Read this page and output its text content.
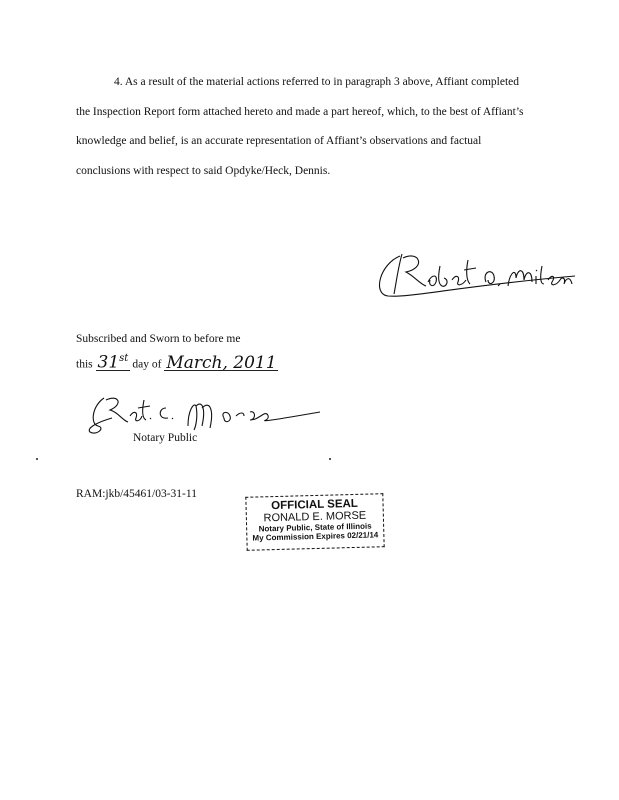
4. As a result of the material actions referred to in paragraph 3 above, Affiant completed
the Inspection Report form attached hereto and made a part hereof, which, to the best of Affiant’s
knowledge and belief, is an accurate representation of Affiant’s observations and factual
conclusions with respect to said Opdyke/Heck, Dennis.

Subscribed and Sworn to before me
this 31st day of March, 2011
Notary Public
RAM:jkb/45461/03-31-11
OFFICIAL SEAL
RONALD E. MORSE
Notary Public, State of Illinois
My Commission Expires 02/21/14
